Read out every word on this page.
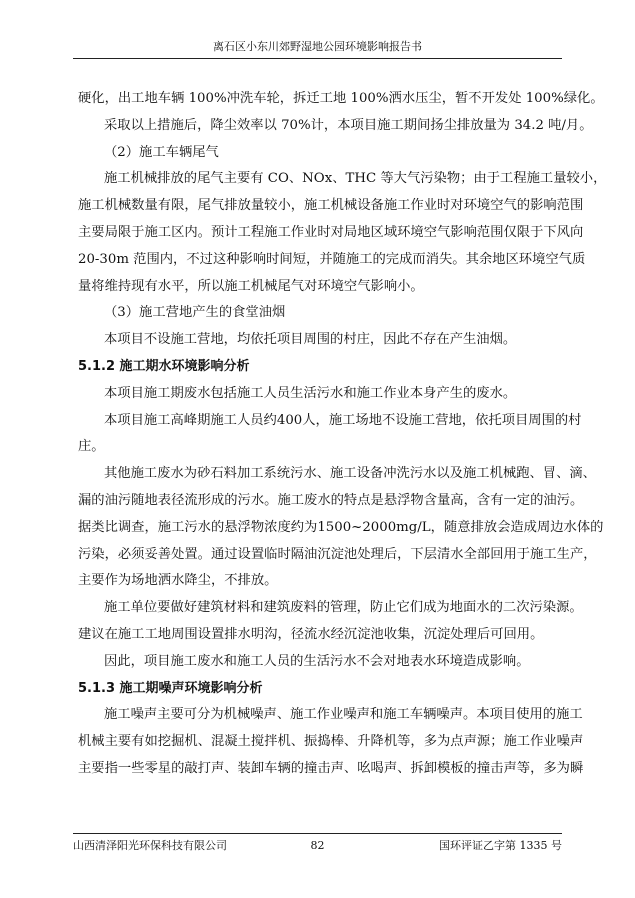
离石区小东川郊野湿地公园环境影响报告书
硬化，出工地车辆 100%冲洗车轮，拆迁工地 100%洒水压尘，暂不开发处 100%绿化。
采取以上措施后，降尘效率以 70%计，本项目施工期间扬尘排放量为 34.2 吨/月。
（2）施工车辆尾气
施工机械排放的尾气主要有 CO、NOx、THC 等大气污染物；由于工程施工量较小，
施工机械数量有限，尾气排放量较小，施工机械设备施工作业时对环境空气的影响范围
主要局限于施工区内。预计工程施工作业时对局地区域环境空气影响范围仅限于下风向
20-30m 范围内，不过这种影响时间短，并随施工的完成而消失。其余地区环境空气质
量将维持现有水平，所以施工机械尾气对环境空气影响小。
（3）施工营地产生的食堂油烟
本项目不设施工营地，均依托项目周围的村庄，因此不存在产生油烟。
5.1.2 施工期水环境影响分析
本项目施工期废水包括施工人员生活污水和施工作业本身产生的废水。
本项目施工高峰期施工人员约400人，施工场地不设施工营地，依托项目周围的村
庄。
其他施工废水为砂石料加工系统污水、施工设备冲洗污水以及施工机械跑、冒、滴、
漏的油污随地表径流形成的污水。施工废水的特点是悬浮物含量高，含有一定的油污。
据类比调查，施工污水的悬浮物浓度约为1500~2000mg/L，随意排放会造成周边水体的
污染，必须妥善处置。通过设置临时隔油沉淀池处理后，下层清水全部回用于施工生产，
主要作为场地洒水降尘，不排放。
施工单位要做好建筑材料和建筑废料的管理，防止它们成为地面水的二次污染源。
建议在施工工地周围设置排水明沟，径流水经沉淀池收集，沉淀处理后可回用。
因此，项目施工废水和施工人员的生活污水不会对地表水环境造成影响。
5.1.3 施工期噪声环境影响分析
施工噪声主要可分为机械噪声、施工作业噪声和施工车辆噪声。本项目使用的施工
机械主要有如挖掘机、混凝土搅拌机、振捣棒、升降机等，多为点声源；施工作业噪声
主要指一些零星的敲打声、装卸车辆的撞击声、吆喝声、拆卸模板的撞击声等，多为瞬
山西清泽阳光环保科技有限公司	82	国环评证乙字第 1335 号
